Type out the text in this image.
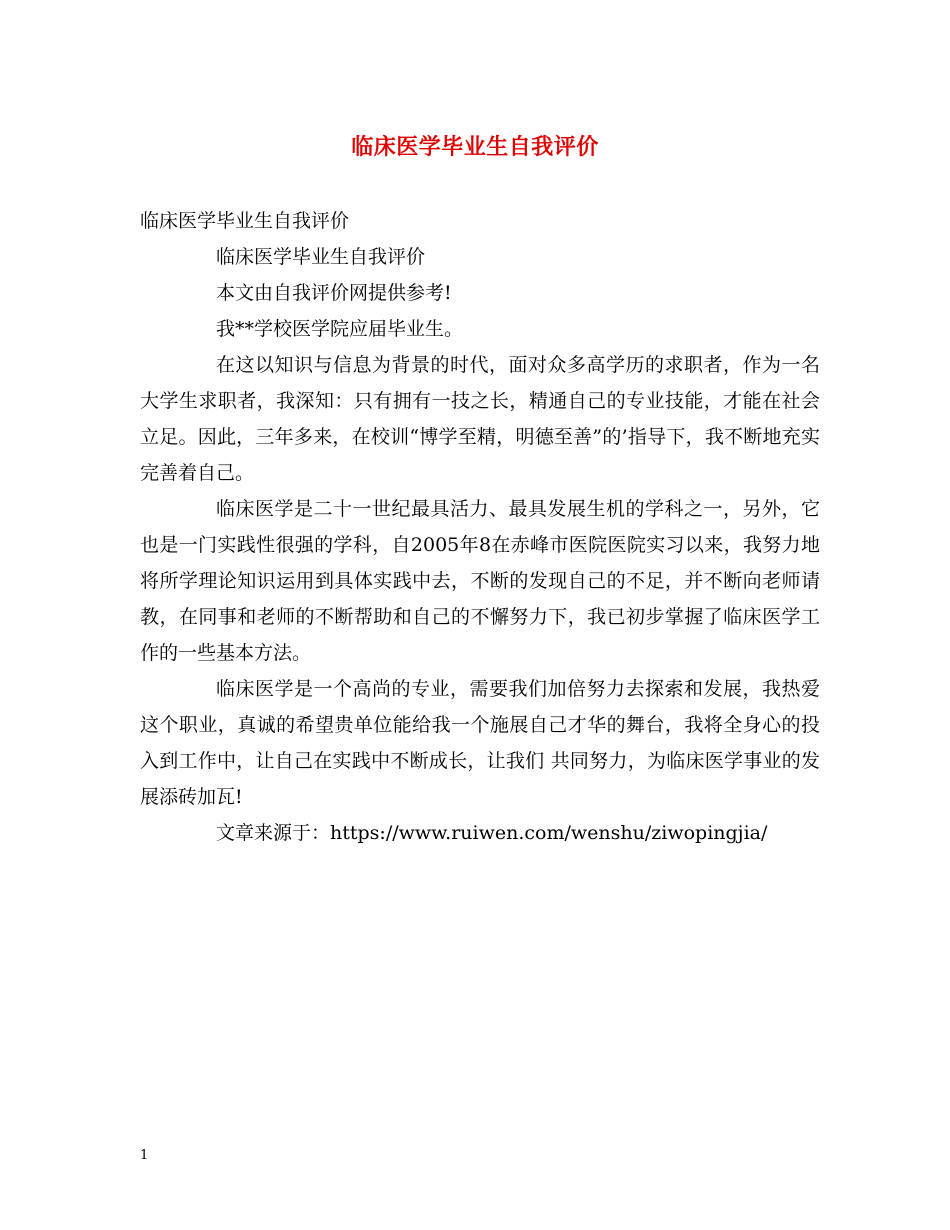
临床医学毕业生自我评价

临床医学毕业生自我评价

临床医学毕业生自我评价

本文由自我评价网提供参考!

我**学校医学院应届毕业生。

在这以知识与信息为背景的时代，面对众多高学历的求职者，作为一名大学生求职者，我深知：只有拥有一技之长，精通自己的专业技能，才能在社会立足。因此，三年多来，在校训“博学至精，明德至善”的’指导下，我不断地充实完善着自己。

临床医学是二十一世纪最具活力、最具发展生机的学科之一，另外，它也是一门实践性很强的学科，自2005年8在赤峰市医院医院实习以来，我努力地将所学理论知识运用到具体实践中去，不断的发现自己的不足，并不断向老师请教，在同事和老师的不断帮助和自己的不懈努力下，我已初步掌握了临床医学工作的一些基本方法。

临床医学是一个高尚的专业，需要我们加倍努力去探索和发展，我热爱这个职业，真诚的希望贵单位能给我一个施展自己才华的舞台，我将全身心的投入到工作中，让自己在实践中不断成长，让我们 共同努力，为临床医学事业的发展添砖加瓦!

文章来源于：https://www.ruiwen.com/wenshu/ziwopingjia/

1
